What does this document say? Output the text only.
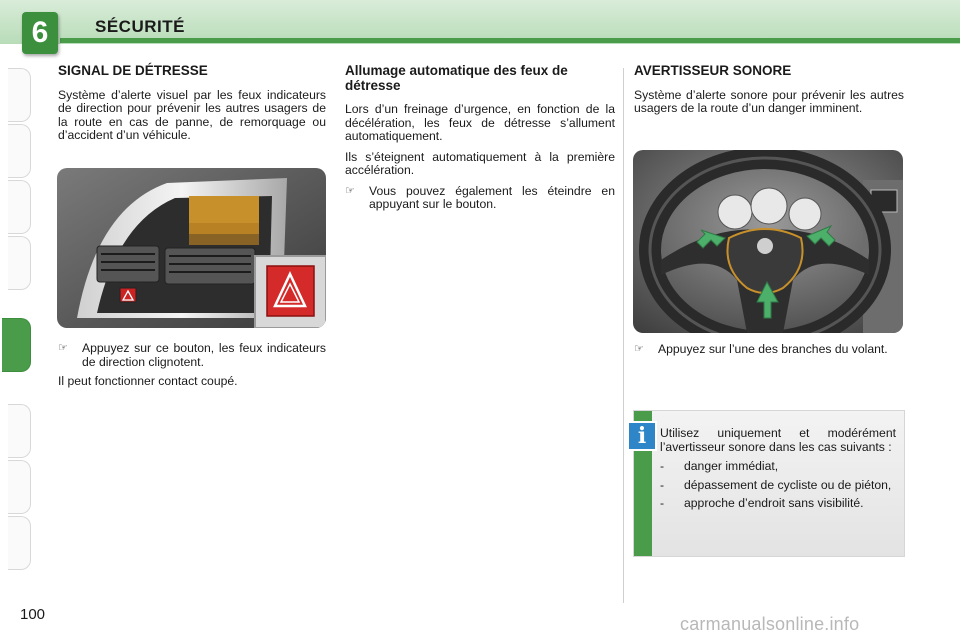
6	SÉCURITÉ
SIGNAL DE DÉTRESSE

Système d’alerte visuel par les feux indicateurs de direction pour prévenir les autres usagers de la route en cas de panne, de remorquage ou d’accident d’un véhicule.

☞	Appuyez sur ce bouton, les feux indicateurs de direction clignotent.

Il peut fonctionner contact coupé.

Allumage automatique des feux de détresse

Lors d’un freinage d’urgence, en fonction de la décélération, les feux de détresse s’allument automatiquement.

Ils s’éteignent automatiquement à la première accélération.

☞	Vous pouvez également les éteindre en appuyant sur le bouton.
AVERTISSEUR SONORE

Système d’alerte sonore pour prévenir les autres usagers de la route d’un danger imminent.

☞	Appuyez sur l’une des branches du volant.
i	Utilisez uniquement et modérément l’avertisseur sonore dans les cas suivants :

-	danger immédiat,
-	dépassement de cycliste ou de piéton,
-	approche d’endroit sans visibilité.
100	carmanualsonline.info
